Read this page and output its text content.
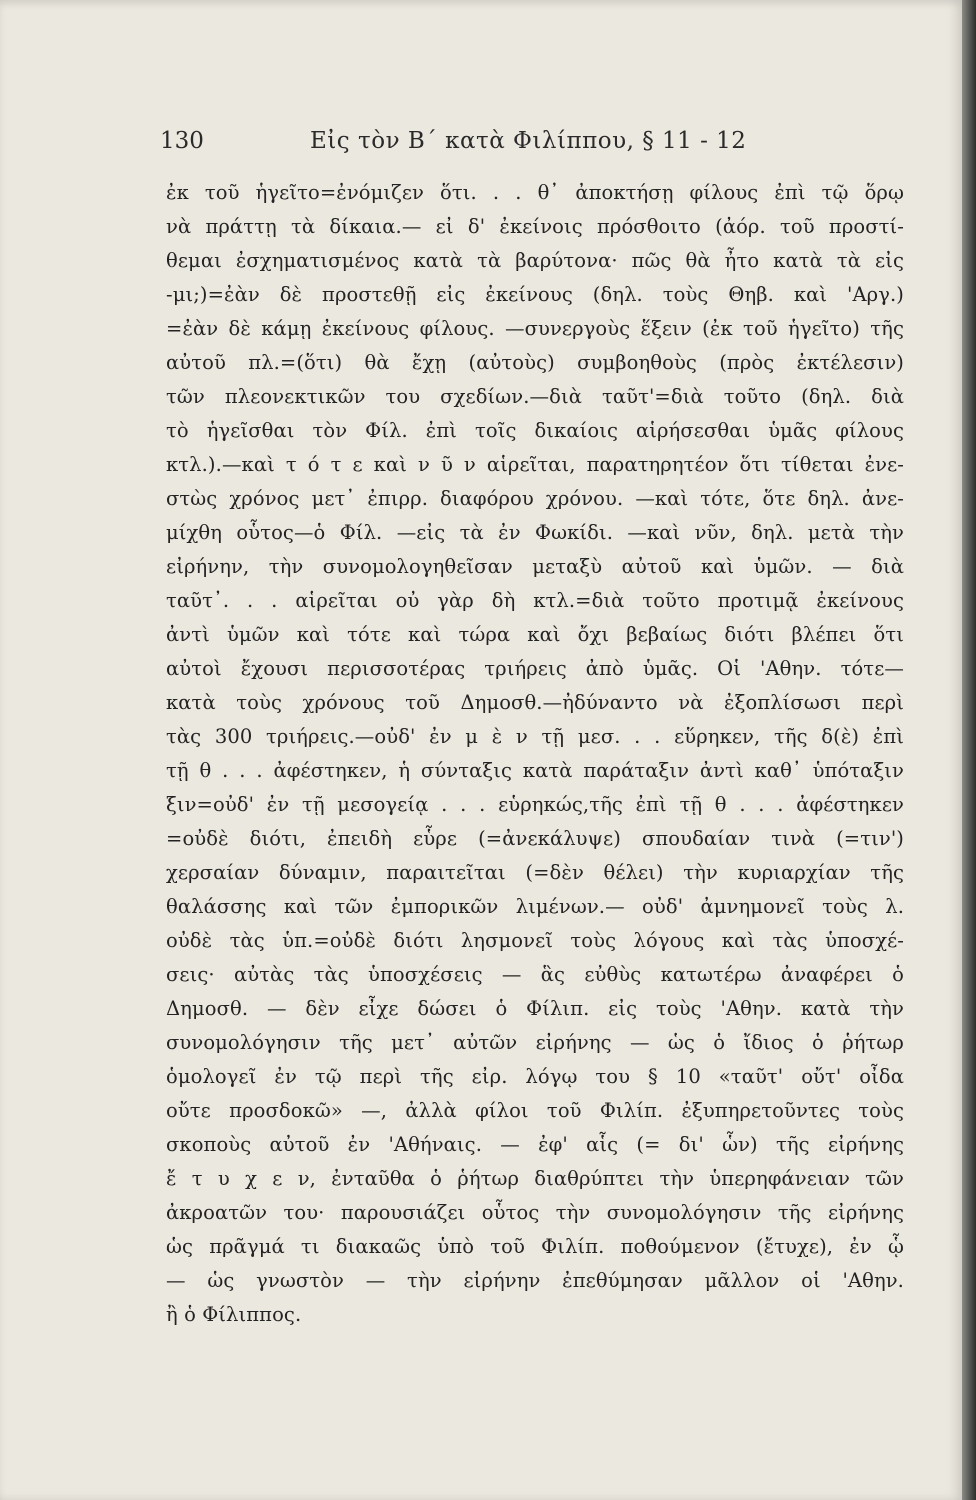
130	Εἰς τὸν Β΄ κατὰ Φιλίππου, § 11 - 12
ἐκ τοῦ ἡγεῖτο=ἐνόμιζεν ὅτι. . . θ᾽ ἀποκτήσῃ φίλους ἐπὶ τῷ ὅρῳ
νὰ πράττῃ τὰ δίκαια.— εἰ δ' ἐκείνοις πρόσθοιτο (ἀόρ. τοῦ προστί-
θεμαι ἐσχηματισμένος κατὰ τὰ βαρύτονα· πῶς θὰ ἦτο κατὰ τὰ εἰς
-μι;)=ἐὰν δὲ προστεθῇ εἰς ἐκείνους (δηλ. τοὺς Θηβ. καὶ 'Αργ.)
=ἐὰν δὲ κάμῃ ἐκείνους φίλους. —συνεργοὺς ἕξειν (ἐκ τοῦ ἡγεῖτο) τῆς
αὐτοῦ πλ.=(ὅτι) θὰ ἔχῃ (αὐτοὺς) συμβοηθοὺς (πρὸς ἐκτέλεσιν)
τῶν πλεονεκτικῶν του σχεδίων.—διὰ ταῦτ'=διὰ τοῦτο (δηλ. διὰ
τὸ ἡγεῖσθαι τὸν Φίλ. ἐπὶ τοῖς δικαίοις αἱρήσεσθαι ὑμᾶς φίλους
κτλ.).—καὶ τ ό τ ε καὶ ν ῦ ν αἱρεῖται, παρατηρητέον ὅτι τίθεται ἐνε-
στὼς χρόνος μετ᾽ ἐπιρρ. διαφόρου χρόνου. —καὶ τότε, ὅτε δηλ. ἀνε-
μίχθη οὗτος—ὁ Φίλ. —εἰς τὰ ἐν Φωκίδι. —καὶ νῦν, δηλ. μετὰ τὴν
εἰρήνην, τὴν συνομολογηθεῖσαν μεταξὺ αὐτοῦ καὶ ὑμῶν. — διὰ
ταῦτ᾽. . . αἱρεῖται οὐ γὰρ δὴ κτλ.=διὰ τοῦτο προτιμᾷ ἐκείνους
ἀντὶ ὑμῶν καὶ τότε καὶ τώρα καὶ ὄχι βεβαίως διότι βλέπει ὅτι
αὐτοὶ ἔχουσι περισσοτέρας τριήρεις ἀπὸ ὑμᾶς. Οἱ 'Αθην. τότε—
κατὰ τοὺς χρόνους τοῦ Δημοσθ.—ἠδύναντο νὰ ἐξοπλίσωσι περὶ
τὰς 300 τριήρεις.—οὐδ' ἐν μ ὲ ν τῇ μεσ. . . εὕρηκεν, τῆς δ(ὲ) ἐπὶ
τῇ θ . . . ἀφέστηκεν, ἡ σύνταξις κατὰ παράταξιν ἀντὶ καθ᾽ ὑπόταξιν
ξιν=οὐδ' ἐν τῇ μεσογείᾳ . . . εὑρηκώς,τῆς ἐπὶ τῇ θ . . . ἀφέστηκεν
=οὐδὲ διότι, ἐπειδὴ εὗρε (=ἀνεκάλυψε) σπουδαίαν τινὰ (=τιν')
χερσαίαν δύναμιν, παραιτεῖται (=δὲν θέλει) τὴν κυριαρχίαν τῆς
θαλάσσης καὶ τῶν ἐμπορικῶν λιμένων.— οὐδ' ἀμνημονεῖ τοὺς λ.
οὐδὲ τὰς ὑπ.=οὐδὲ διότι λησμονεῖ τοὺς λόγους καὶ τὰς ὑποσχέ-
σεις· αὐτὰς τὰς ὑποσχέσεις — ἃς εὐθὺς κατωτέρω ἀναφέρει ὁ
Δημοσθ. — δὲν εἶχε δώσει ὁ Φίλιπ. εἰς τοὺς 'Αθην. κατὰ τὴν
συνομολόγησιν τῆς μετ᾽ αὐτῶν εἰρήνης — ὡς ὁ ἴδιος ὁ ῥήτωρ
ὁμολογεῖ ἐν τῷ περὶ τῆς εἰρ. λόγῳ του § 10 «ταῦτ' οὔτ' οἶδα
οὔτε προσδοκῶ» —, ἀλλὰ φίλοι τοῦ Φιλίπ. ἐξυπηρετοῦντες τοὺς
σκοποὺς αὐτοῦ ἐν 'Αθήναις. — ἐφ' αἷς (= δι' ὧν) τῆς εἰρήνης
ἔ τ υ χ ε ν, ἐνταῦθα ὁ ῥήτωρ διαθρύπτει τὴν ὑπερηφάνειαν τῶν
ἀκροατῶν του· παρουσιάζει οὗτος τὴν συνομολόγησιν τῆς εἰρήνης
ὡς πρᾶγμά τι διακαῶς ὑπὸ τοῦ Φιλίπ. ποθούμενον (ἔτυχε), ἐν ᾧ
— ὡς γνωστὸν — τὴν εἰρήνην ἐπεθύμησαν μᾶλλον οἱ 'Αθην.
ἢ ὁ Φίλιππος.
